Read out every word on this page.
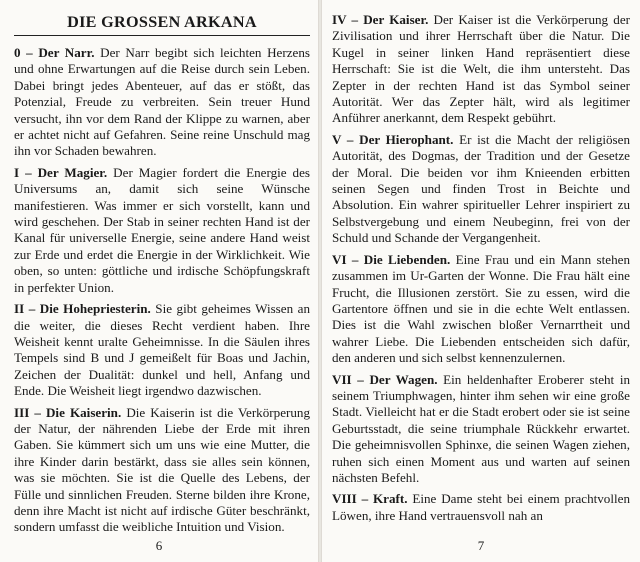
DIE GROSSEN ARKANA

0 – Der Narr. Der Narr begibt sich leichten Herzens und ohne Erwartungen auf die Reise durch sein Leben. Dabei bringt jedes Abenteuer, auf das er stößt, das Potenzial, Freude zu verbreiten. Sein treuer Hund versucht, ihn vor dem Rand der Klippe zu warnen, aber er achtet nicht auf Gefahren. Seine reine Unschuld mag ihn vor Schaden bewahren.

I – Der Magier. Der Magier fordert die Energie des Universums an, damit sich seine Wünsche manifestieren. Was immer er sich vorstellt, kann und wird geschehen. Der Stab in seiner rechten Hand ist der Kanal für universelle Energie, seine andere Hand weist zur Erde und erdet die Energie in der Wirklichkeit. Wie oben, so unten: göttliche und irdische Schöpfungskraft in perfekter Union.

II – Die Hohepriesterin. Sie gibt geheimes Wissen an die weiter, die dieses Recht verdient haben. Ihre Weisheit kennt uralte Geheimnisse. In die Säulen ihres Tempels sind B und J gemeißelt für Boas und Jachin, Zeichen der Dualität: dunkel und hell, Anfang und Ende. Die Weisheit liegt irgendwo dazwischen.

III – Die Kaiserin. Die Kaiserin ist die Verkörperung der Natur, der nährenden Liebe der Erde mit ihren Gaben. Sie kümmert sich um uns wie eine Mutter, die ihre Kinder darin bestärkt, dass sie alles sein können, was sie möchten. Sie ist die Quelle des Lebens, der Fülle und sinnlichen Freuden. Sterne bilden ihre Krone, denn ihre Macht ist nicht auf irdische Güter beschränkt, sondern umfasst die weibliche Intuition und Vision.

6

IV – Der Kaiser. Der Kaiser ist die Verkörperung der Zivilisation und ihrer Herrschaft über die Natur. Die Kugel in seiner linken Hand repräsentiert diese Herrschaft: Sie ist die Welt, die ihm untersteht. Das Zepter in der rechten Hand ist das Symbol seiner Autorität. Wer das Zepter hält, wird als legitimer Anführer anerkannt, dem Respekt gebührt.

V – Der Hierophant. Er ist die Macht der religiösen Autorität, des Dogmas, der Tradition und der Gesetze der Moral. Die beiden vor ihm Knieenden erbitten seinen Segen und finden Trost in Beichte und Absolution. Ein wahrer spiritueller Lehrer inspiriert zu Selbstvergebung und einem Neubeginn, frei von der Schuld und Schande der Vergangenheit.

VI – Die Liebenden. Eine Frau und ein Mann stehen zusammen im Ur-Garten der Wonne. Die Frau hält eine Frucht, die Illusionen zerstört. Sie zu essen, wird die Gartentore öffnen und sie in die echte Welt entlassen. Dies ist die Wahl zwischen bloßer Vernarrtheit und wahrer Liebe. Die Liebenden entscheiden sich dafür, den anderen und sich selbst kennenzulernen.

VII – Der Wagen. Ein heldenhafter Eroberer steht in seinem Triumphwagen, hinter ihm sehen wir eine große Stadt. Vielleicht hat er die Stadt erobert oder sie ist seine Geburtsstadt, die seine triumphale Rückkehr erwartet. Die geheimnisvollen Sphinxe, die seinen Wagen ziehen, ruhen sich einen Moment aus und warten auf seinen nächsten Befehl.

VIII – Kraft. Eine Dame steht bei einem prachtvollen Löwen, ihre Hand vertrauensvoll nah an

7
